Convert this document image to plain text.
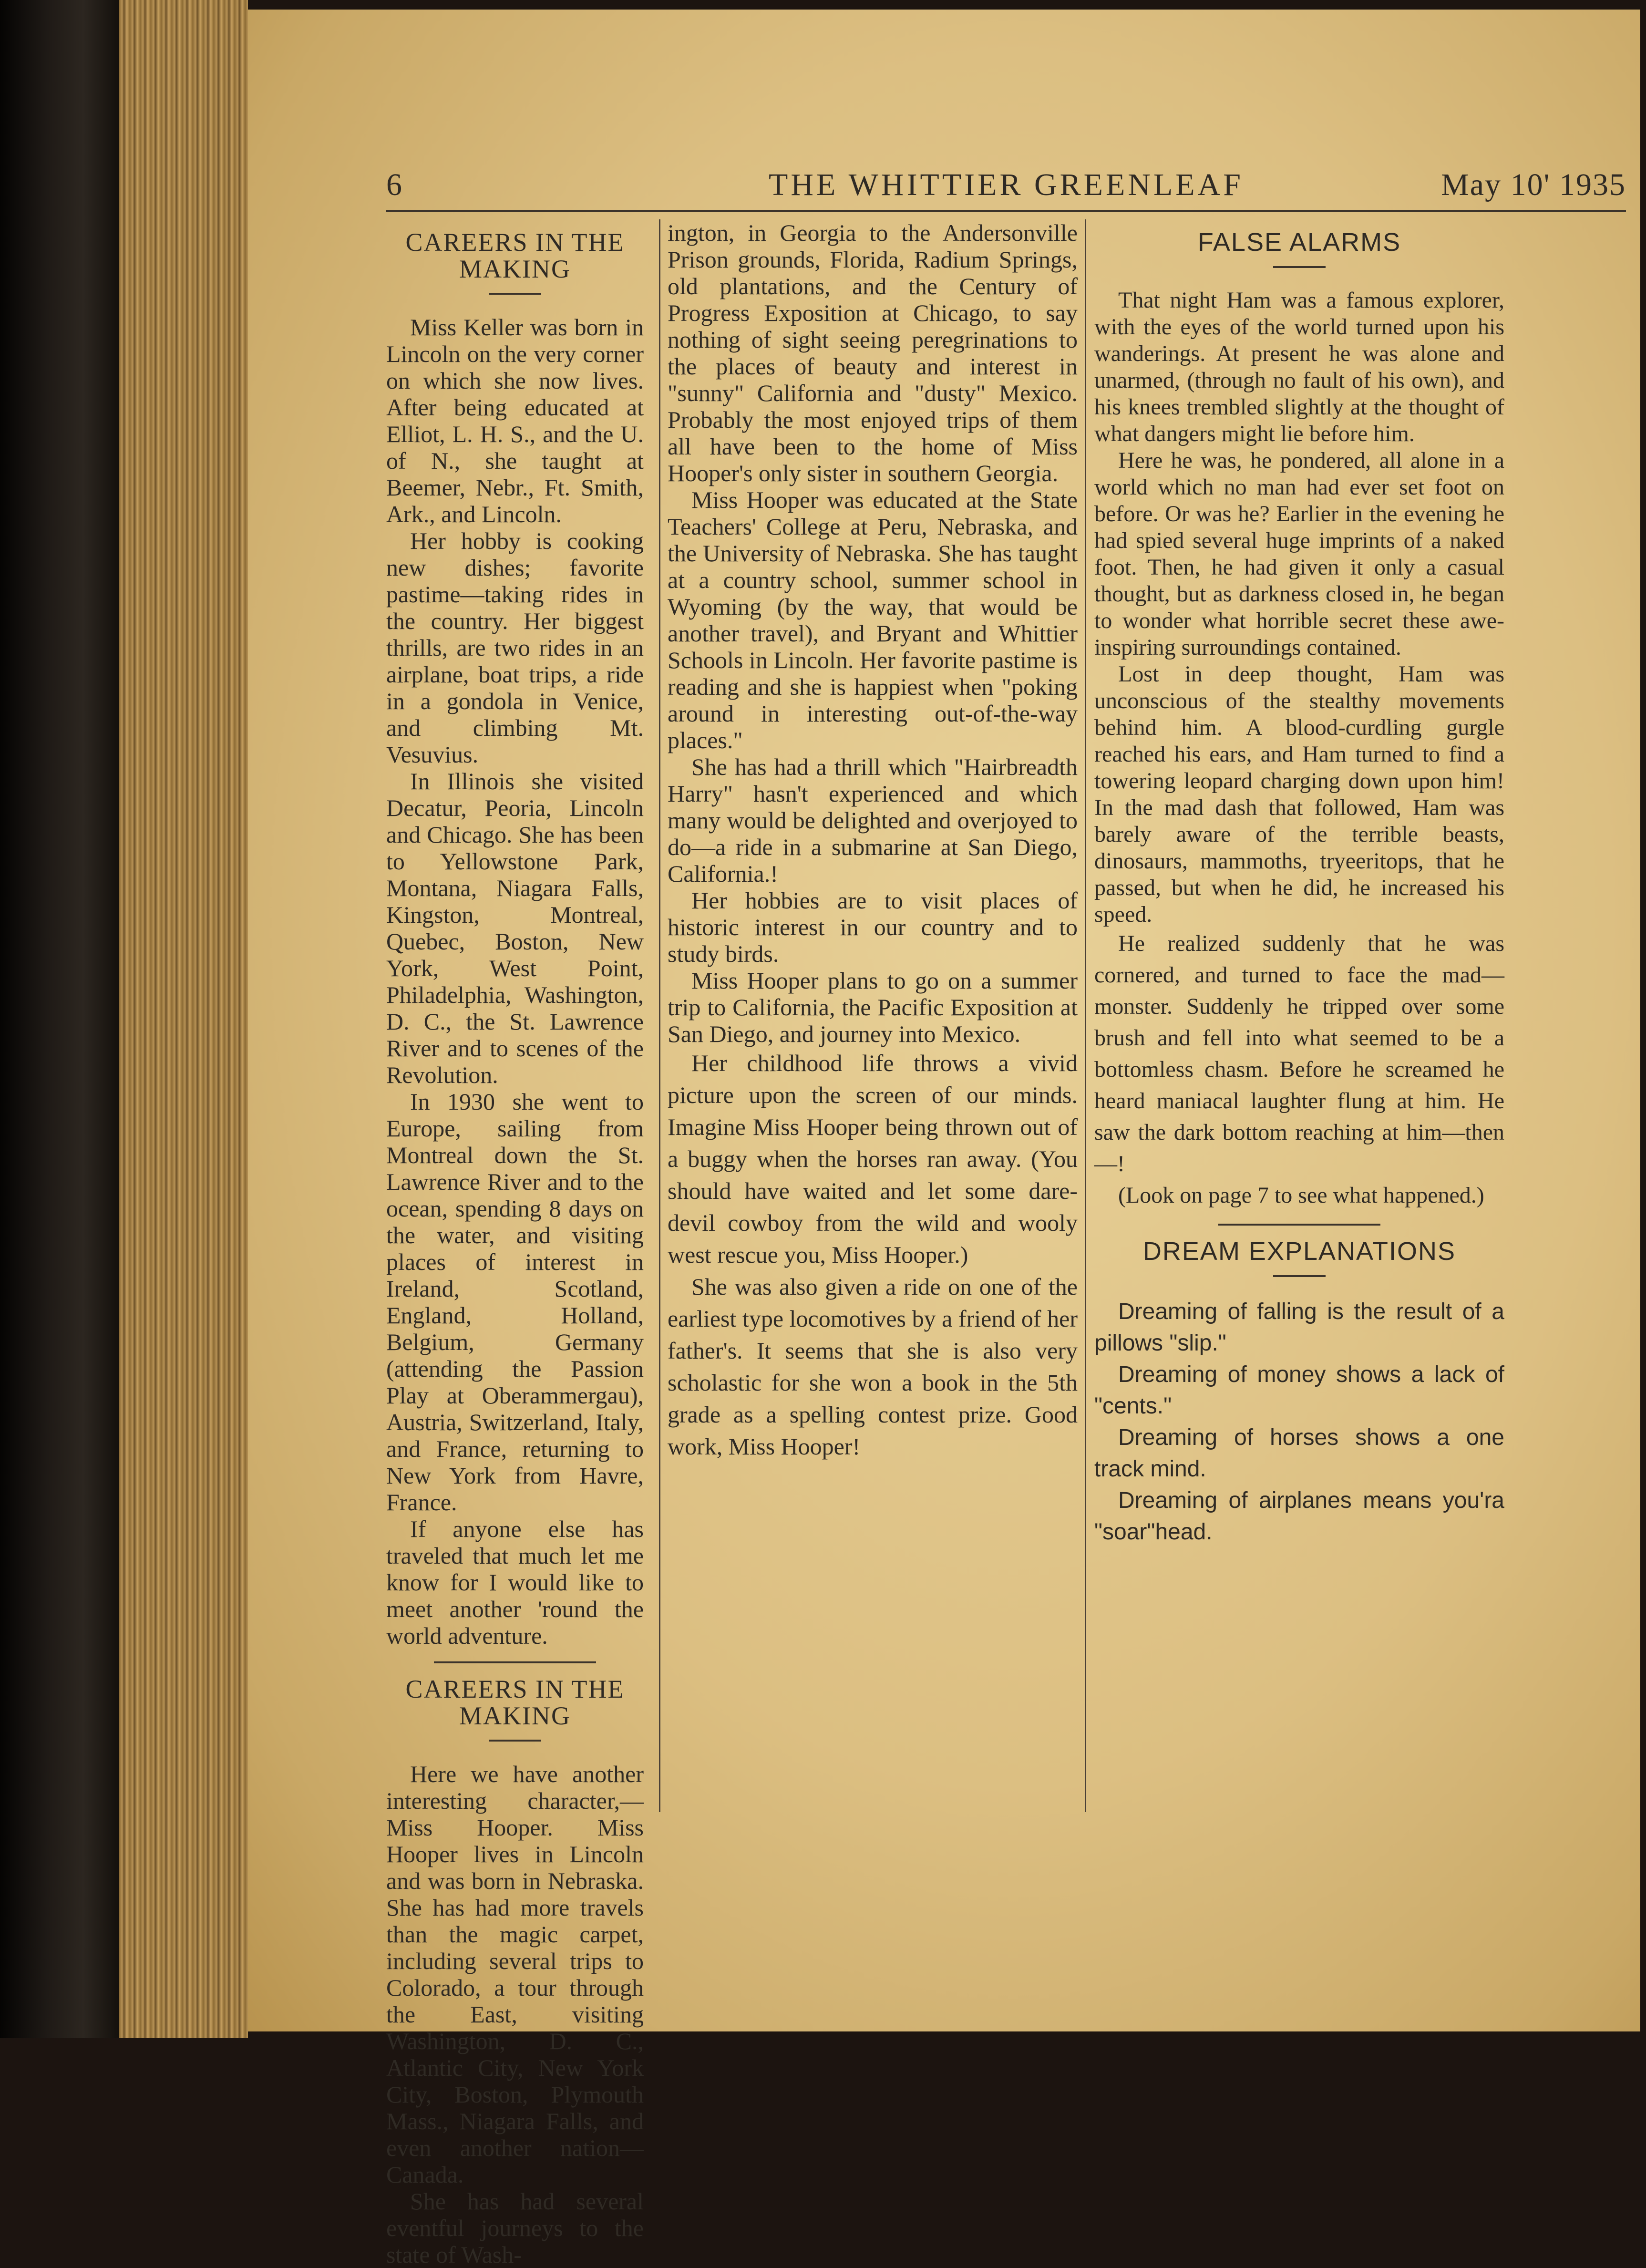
THE WHITTIER GREENLEAF
6	May 10' 1935
CAREERS IN THE MAKING

Miss Keller was born in Lincoln on the very corner on which she now lives. After being educated at Elliot, L. H. S., and the U. of N., she taught at Beemer, Nebr., Ft. Smith, Ark., and Lincoln.

Her hobby is cooking new dishes; favorite pastime—taking rides in the country. Her biggest thrills, are two rides in an airplane, boat trips, a ride in a gondola in Venice, and climbing Mt. Vesuvius.

In Illinois she visited Decatur, Peoria, Lincoln and Chicago. She has been to Yellowstone Park, Montana, Niagara Falls, Kingston, Montreal, Quebec, Boston, New York, West Point, Philadelphia, Washington, D. C., the St. Lawrence River and to scenes of the Revolution.

In 1930 she went to Europe, sailing from Montreal down the St. Lawrence River and to the ocean, spending 8 days on the water, and visiting places of interest in Ireland, Scotland, England, Holland, Belgium, Germany (attending the Passion Play at Oberammergau), Austria, Switzerland, Italy, and France, returning to New York from Havre, France.

If anyone else has traveled that much let me know for I would like to meet another 'round the world adventure.

CAREERS IN THE MAKING

Here we have another interesting character,—Miss Hooper. Miss Hooper lives in Lincoln and was born in Nebraska. She has had more travels than the magic carpet, including several trips to Colorado, a tour through the East, visiting Washington, D. C., Atlantic City, New York City, Boston, Plymouth Mass., Niagara Falls, and even another nation—Canada.

She has had several eventful journeys to the state of Wash-

ington, in Georgia to the Andersonville Prison grounds, Florida, Radium Springs, old plantations, and the Century of Progress Exposition at Chicago, to say nothing of sight seeing peregrinations to the places of beauty and interest in "sunny" California and "dusty" Mexico. Probably the most enjoyed trips of them all have been to the home of Miss Hooper's only sister in southern Georgia.

Miss Hooper was educated at the State Teachers' College at Peru, Nebraska, and the University of Nebraska. She has taught at a country school, summer school in Wyoming (by the way, that would be another travel), and Bryant and Whittier Schools in Lincoln. Her favorite pastime is reading and she is happiest when "poking around in interesting out-of-the-way places."

She has had a thrill which "Hairbreadth Harry" hasn't experienced and which many would be delighted and overjoyed to do—a ride in a submarine at San Diego, California.!

Her hobbies are to visit places of historic interest in our country and to study birds.

Miss Hooper plans to go on a summer trip to California, the Pacific Exposition at San Diego, and journey into Mexico.

Her childhood life throws a vivid picture upon the screen of our minds. Imagine Miss Hooper being thrown out of a buggy when the horses ran away. (You should have waited and let some dare-devil cowboy from the wild and wooly west rescue you, Miss Hooper.)

She was also given a ride on one of the earliest type locomotives by a friend of her father's. It seems that she is also very scholastic for she won a book in the 5th grade as a spelling contest prize. Good work, Miss Hooper!

FALSE ALARMS

That night Ham was a famous explorer, with the eyes of the world turned upon his wanderings. At present he was alone and unarmed, (through no fault of his own), and his knees trembled slightly at the thought of what dangers might lie before him.

Here he was, he pondered, all alone in a world which no man had ever set foot on before. Or was he? Earlier in the evening he had spied several huge imprints of a naked foot. Then, he had given it only a casual thought, but as darkness closed in, he began to wonder what horrible secret these awe-inspiring surroundings contained.

Lost in deep thought, Ham was unconscious of the stealthy movements behind him. A blood-curdling gurgle reached his ears, and Ham turned to find a towering leopard charging down upon him! In the mad dash that followed, Ham was barely aware of the terrible beasts, dinosaurs, mammoths, tryeeritops, that he passed, but when he did, he increased his speed.

He realized suddenly that he was cornered, and turned to face the mad—monster. Suddenly he tripped over some brush and fell into what seemed to be a bottomless chasm. Before he screamed he heard maniacal laughter flung at him. He saw the dark bottom reaching at him—then—!

(Look on page 7 to see what happened.)

DREAM EXPLANATIONS

Dreaming of falling is the result of a pillows "slip."

Dreaming of money shows a lack of "cents."

Dreaming of horses shows a one track mind.

Dreaming of airplanes means you'ra "soar"head.
